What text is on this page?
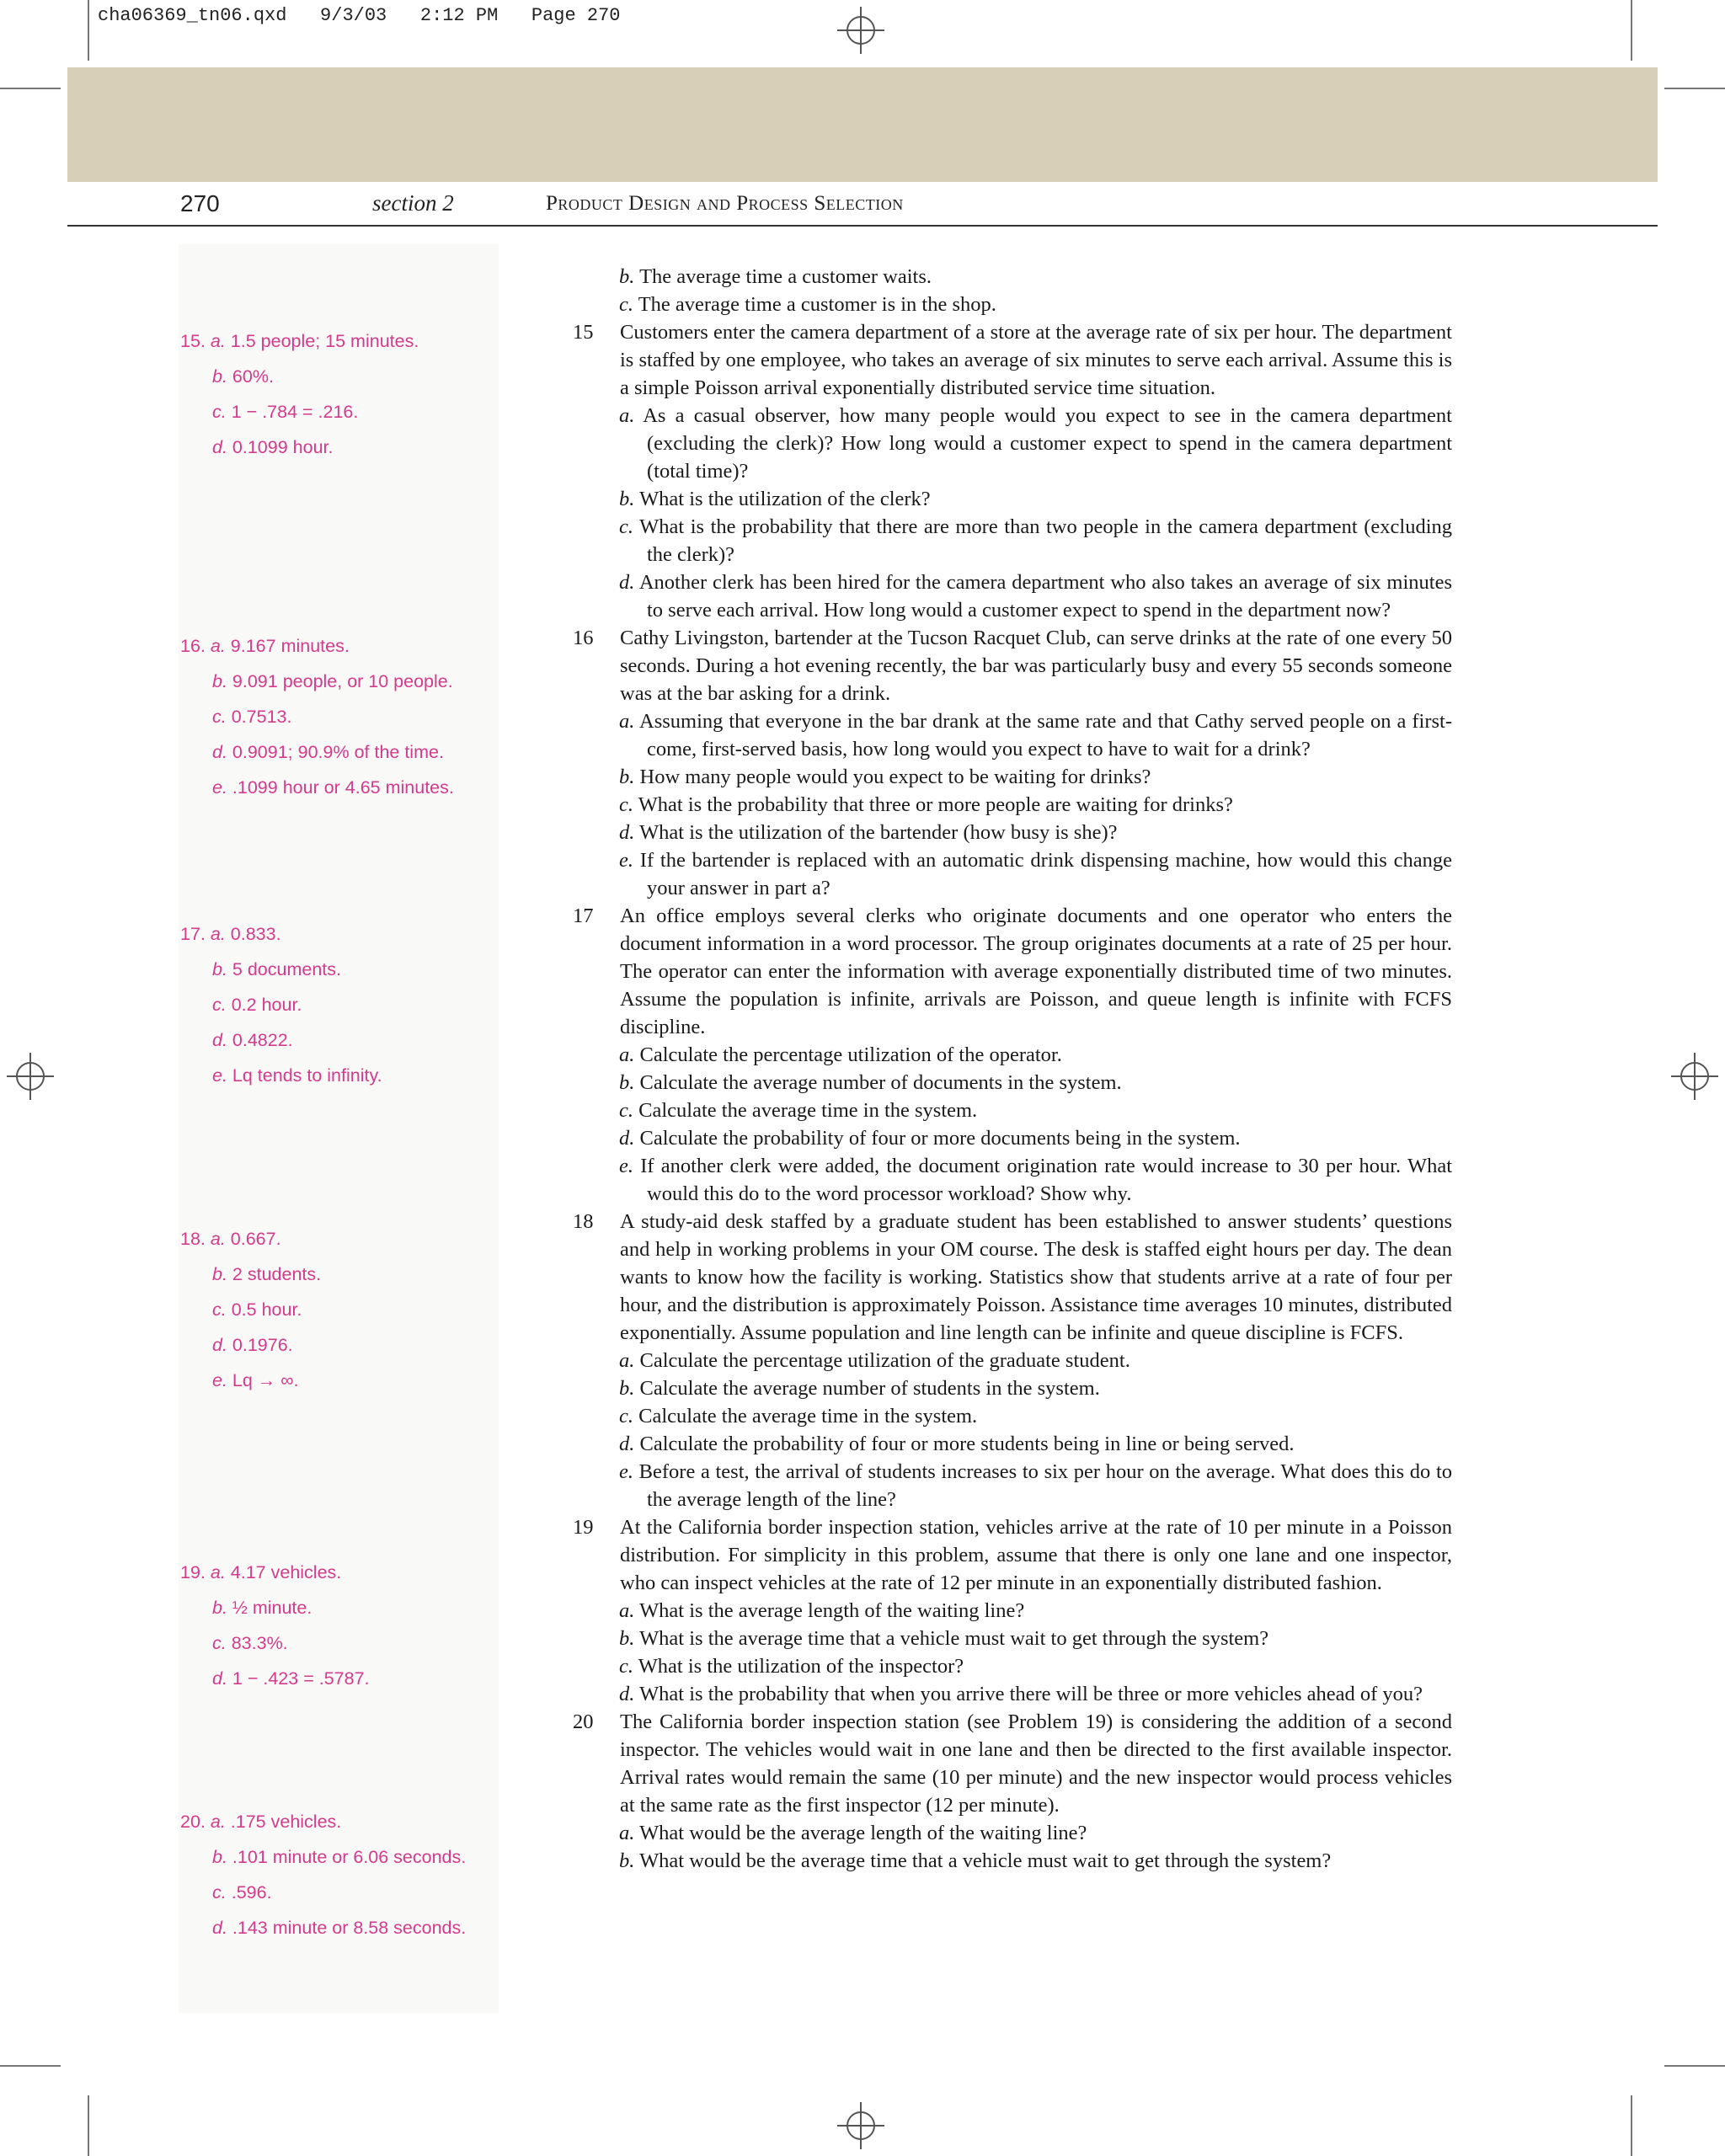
cha06369_tn06.qxd   9/3/03   2:12 PM   Page 270
270	section 2	Product Design and Process Selection
15. a. 1.5 people; 15 minutes.
b. 60%.
c. 1 − .784 = .216.
d. 0.1099 hour.
16. a. 9.167 minutes.
b. 9.091 people, or 10 people.
c. 0.7513.
d. 0.9091; 90.9% of the time.
e. .1099 hour or 4.65 minutes.
17. a. 0.833.
b. 5 documents.
c. 0.2 hour.
d. 0.4822.
e. Lq tends to infinity.
18. a. 0.667.
b. 2 students.
c. 0.5 hour.
d. 0.1976.
e. Lq → ∞.
19. a. 4.17 vehicles.
b. ½ minute.
c. 83.3%.
d. 1 − .423 = .5787.
20. a. .175 vehicles.
b. .101 minute or 6.06 seconds.
c. .596.
d. .143 minute or 8.58 seconds.
b. The average time a customer waits.
c. The average time a customer is in the shop.
15 Customers enter the camera department of a store at the average rate of six per hour. The department is staffed by one employee, who takes an average of six minutes to serve each arrival. Assume this is a simple Poisson arrival exponentially distributed service time situation.
a. As a casual observer, how many people would you expect to see in the camera department (excluding the clerk)? How long would a customer expect to spend in the camera department (total time)?
b. What is the utilization of the clerk?
c. What is the probability that there are more than two people in the camera department (excluding the clerk)?
d. Another clerk has been hired for the camera department who also takes an average of six minutes to serve each arrival. How long would a customer expect to spend in the department now?
16 Cathy Livingston, bartender at the Tucson Racquet Club, can serve drinks at the rate of one every 50 seconds. During a hot evening recently, the bar was particularly busy and every 55 seconds someone was at the bar asking for a drink.
a. Assuming that everyone in the bar drank at the same rate and that Cathy served people on a first-come, first-served basis, how long would you expect to have to wait for a drink?
b. How many people would you expect to be waiting for drinks?
c. What is the probability that three or more people are waiting for drinks?
d. What is the utilization of the bartender (how busy is she)?
e. If the bartender is replaced with an automatic drink dispensing machine, how would this change your answer in part a?
17 An office employs several clerks who originate documents and one operator who enters the document information in a word processor. The group originates documents at a rate of 25 per hour. The operator can enter the information with average exponentially distributed time of two minutes. Assume the population is infinite, arrivals are Poisson, and queue length is infinite with FCFS discipline.
a. Calculate the percentage utilization of the operator.
b. Calculate the average number of documents in the system.
c. Calculate the average time in the system.
d. Calculate the probability of four or more documents being in the system.
e. If another clerk were added, the document origination rate would increase to 30 per hour. What would this do to the word processor workload? Show why.
18 A study-aid desk staffed by a graduate student has been established to answer students’ questions and help in working problems in your OM course. The desk is staffed eight hours per day. The dean wants to know how the facility is working. Statistics show that students arrive at a rate of four per hour, and the distribution is approximately Poisson. Assistance time averages 10 minutes, distributed exponentially. Assume population and line length can be infinite and queue discipline is FCFS.
a. Calculate the percentage utilization of the graduate student.
b. Calculate the average number of students in the system.
c. Calculate the average time in the system.
d. Calculate the probability of four or more students being in line or being served.
e. Before a test, the arrival of students increases to six per hour on the average. What does this do to the average length of the line?
19 At the California border inspection station, vehicles arrive at the rate of 10 per minute in a Poisson distribution. For simplicity in this problem, assume that there is only one lane and one inspector, who can inspect vehicles at the rate of 12 per minute in an exponentially distributed fashion.
a. What is the average length of the waiting line?
b. What is the average time that a vehicle must wait to get through the system?
c. What is the utilization of the inspector?
d. What is the probability that when you arrive there will be three or more vehicles ahead of you?
20 The California border inspection station (see Problem 19) is considering the addition of a second inspector. The vehicles would wait in one lane and then be directed to the first available inspector. Arrival rates would remain the same (10 per minute) and the new inspector would process vehicles at the same rate as the first inspector (12 per minute).
a. What would be the average length of the waiting line?
b. What would be the average time that a vehicle must wait to get through the system?
